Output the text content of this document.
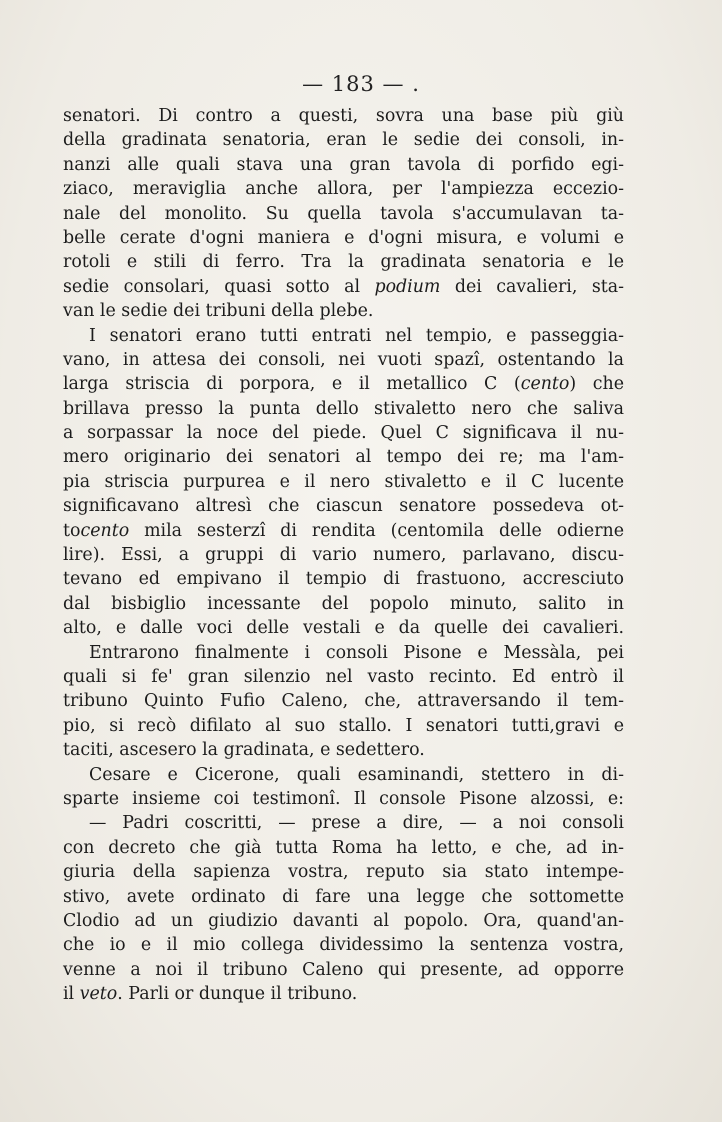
— 183 — .
senatori. Di contro a questi, sovra una base più giù
della gradinata senatoria, eran le sedie dei consoli, in-
nanzi alle quali stava una gran tavola di porfido egi-
ziaco, meraviglia anche allora, per l'ampiezza eccezio-
nale del monolito. Su quella tavola s'accumulavan ta-
belle cerate d'ogni maniera e d'ogni misura, e volumi e
rotoli e stili di ferro. Tra la gradinata senatoria e le
sedie consolari, quasi sotto al podium dei cavalieri, sta-
van le sedie dei tribuni della plebe.
I senatori erano tutti entrati nel tempio, e passeggia-
vano, in attesa dei consoli, nei vuoti spazî, ostentando la
larga striscia di porpora, e il metallico C (cento) che
brillava presso la punta dello stivaletto nero che saliva
a sorpassar la noce del piede. Quel C significava il nu-
mero originario dei senatori al tempo dei re; ma l'am-
pia striscia purpurea e il nero stivaletto e il C lucente
significavano altresì che ciascun senatore possedeva ot-
tocento mila sesterzî di rendita (centomila delle odierne
lire). Essi, a gruppi di vario numero, parlavano, discu-
tevano ed empivano il tempio di frastuono, accresciuto
dal bisbiglio incessante del popolo minuto, salito in
alto, e dalle voci delle vestali e da quelle dei cavalieri.
Entrarono finalmente i consoli Pisone e Messàla, pei
quali si fe' gran silenzio nel vasto recinto. Ed entrò il
tribuno Quinto Fufio Caleno, che, attraversando il tem-
pio, si recò difilato al suo stallo. I senatori tutti,gravi e
taciti, ascesero la gradinata, e sedettero.
Cesare e Cicerone, quali esaminandi, stettero in di-
sparte insieme coi testimonî. Il console Pisone alzossi, e:
— Padri coscritti, — prese a dire, — a noi consoli
con decreto che già tutta Roma ha letto, e che, ad in-
giuria della sapienza vostra, reputo sia stato intempe-
stivo, avete ordinato di fare una legge che sottomette
Clodio ad un giudizio davanti al popolo. Ora, quand'an-
che io e il mio collega dividessimo la sentenza vostra,
venne a noi il tribuno Caleno qui presente, ad opporre
il veto. Parli or dunque il tribuno.
